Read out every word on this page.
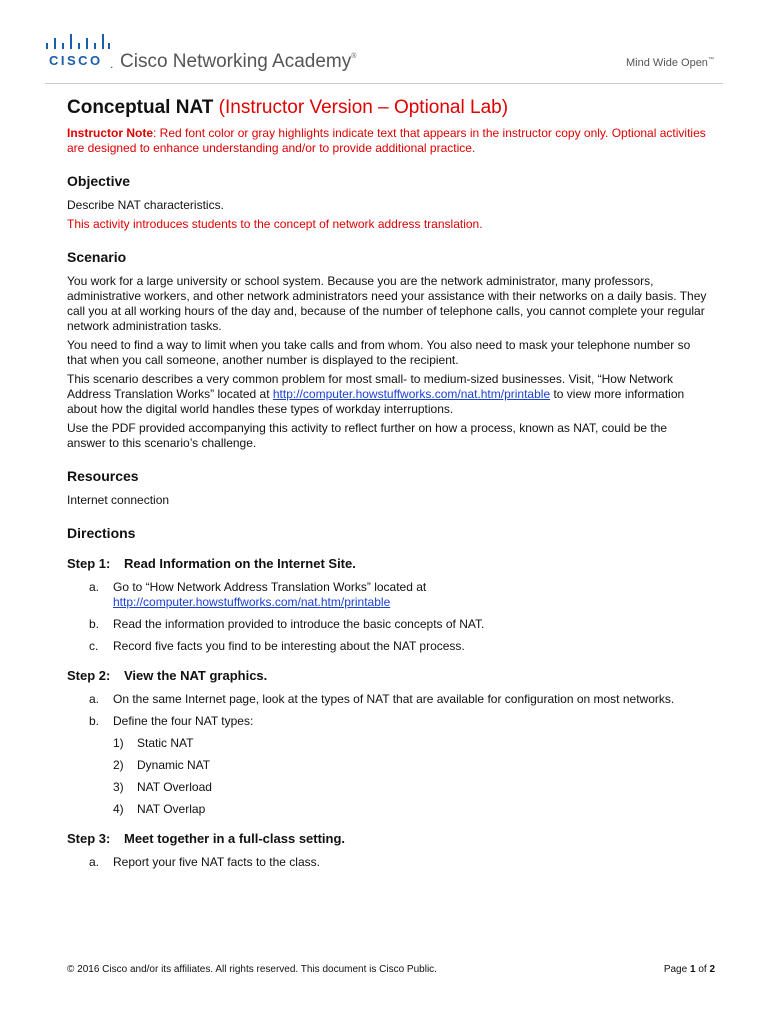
CISCO . Cisco Networking Academy®
Mind Wide Open™
Conceptual NAT (Instructor Version – Optional Lab)

Instructor Note: Red font color or gray highlights indicate text that appears in the instructor copy only. Optional activities are designed to enhance understanding and/or to provide additional practice.

Objective

Describe NAT characteristics.

This activity introduces students to the concept of network address translation.

Scenario

You work for a large university or school system. Because you are the network administrator, many professors, administrative workers, and other network administrators need your assistance with their networks on a daily basis. They call you at all working hours of the day and, because of the number of telephone calls, you cannot complete your regular network administration tasks.

You need to find a way to limit when you take calls and from whom. You also need to mask your telephone number so that when you call someone, another number is displayed to the recipient.

This scenario describes a very common problem for most small- to medium-sized businesses. Visit, “How Network Address Translation Works” located at http://computer.howstuffworks.com/nat.htm/printable to view more information about how the digital world handles these types of workday interruptions.

Use the PDF provided accompanying this activity to reflect further on how a process, known as NAT, could be the answer to this scenario’s challenge.

Resources

Internet connection

Directions
Step 1: Read Information on the Internet Site.
a. Go to “How Network Address Translation Works” located at
http://computer.howstuffworks.com/nat.htm/printable
b. Read the information provided to introduce the basic concepts of NAT.
c. Record five facts you find to be interesting about the NAT process.
Step 2: View the NAT graphics.
a. On the same Internet page, look at the types of NAT that are available for configuration on most networks.
b. Define the four NAT types:
1) Static NAT
2) Dynamic NAT
3) NAT Overload
4) NAT Overlap
Step 3: Meet together in a full-class setting.
a. Report your five NAT facts to the class.
© 2016 Cisco and/or its affiliates. All rights reserved. This document is Cisco Public.	Page 1 of 2
